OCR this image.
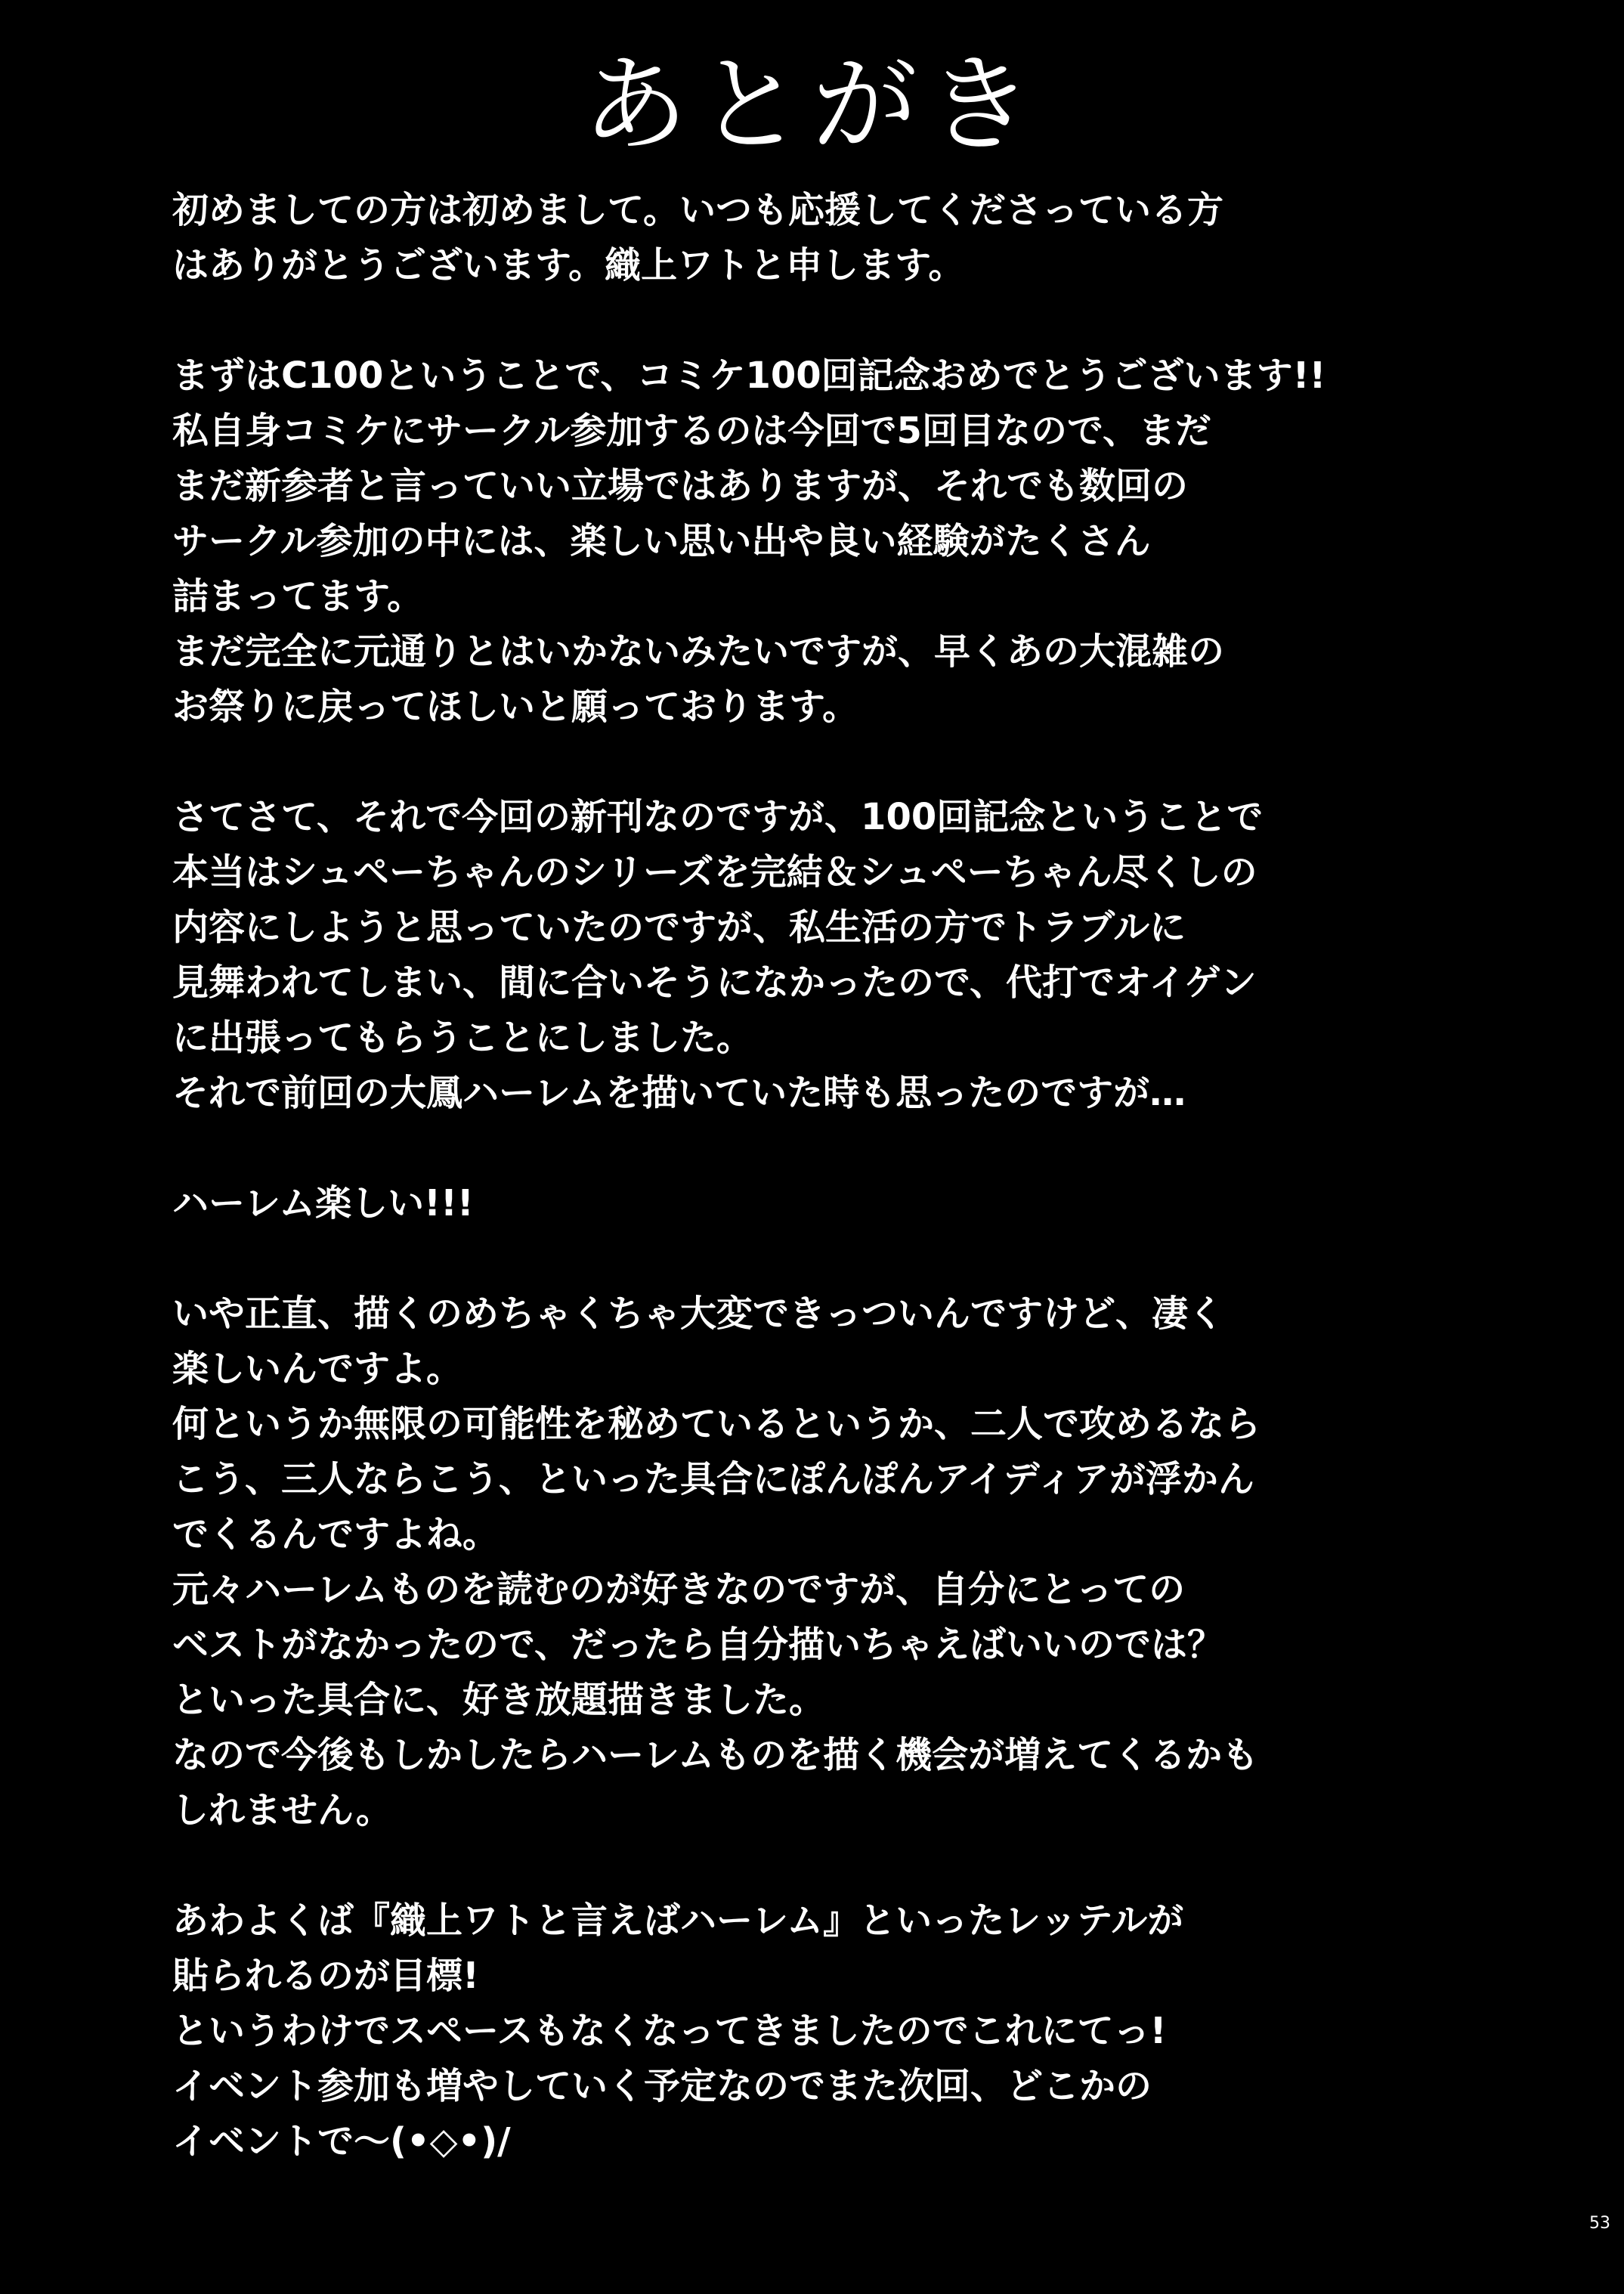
あとがき
初めましての方は初めまして。いつも応援してくださっている方
はありがとうございます。織上ワトと申します。
まずはC100ということで、コミケ100回記念おめでとうございます!!
私自身コミケにサークル参加するのは今回で5回目なので、まだ
まだ新参者と言っていい立場ではありますが、それでも数回の
サークル参加の中には、楽しい思い出や良い経験がたくさん
詰まってます。
まだ完全に元通りとはいかないみたいですが、早くあの大混雑の
お祭りに戻ってほしいと願っております。
さてさて、それで今回の新刊なのですが、100回記念ということで
本当はシュペーちゃんのシリーズを完結＆シュペーちゃん尽くしの
内容にしようと思っていたのですが、私生活の方でトラブルに
見舞われてしまい、間に合いそうになかったので、代打でオイゲン
に出張ってもらうことにしました。
それで前回の大鳳ハーレムを描いていた時も思ったのですが…
ハーレム楽しい!!!
いや正直、描くのめちゃくちゃ大変できっついんですけど、凄く
楽しいんですよ。
何というか無限の可能性を秘めているというか、二人で攻めるなら
こう、三人ならこう、といった具合にぽんぽんアイディアが浮かん
でくるんですよね。
元々ハーレムものを読むのが好きなのですが、自分にとっての
ベストがなかったので、だったら自分描いちゃえばいいのでは？
といった具合に、好き放題描きました。
なので今後もしかしたらハーレムものを描く機会が増えてくるかも
しれません。
あわよくば『織上ワトと言えばハーレム』といったレッテルが
貼られるのが目標!
というわけでスペースもなくなってきましたのでこれにてっ!
イベント参加も増やしていく予定なのでまた次回、どこかの
イベントで〜(•◇•)/
53
